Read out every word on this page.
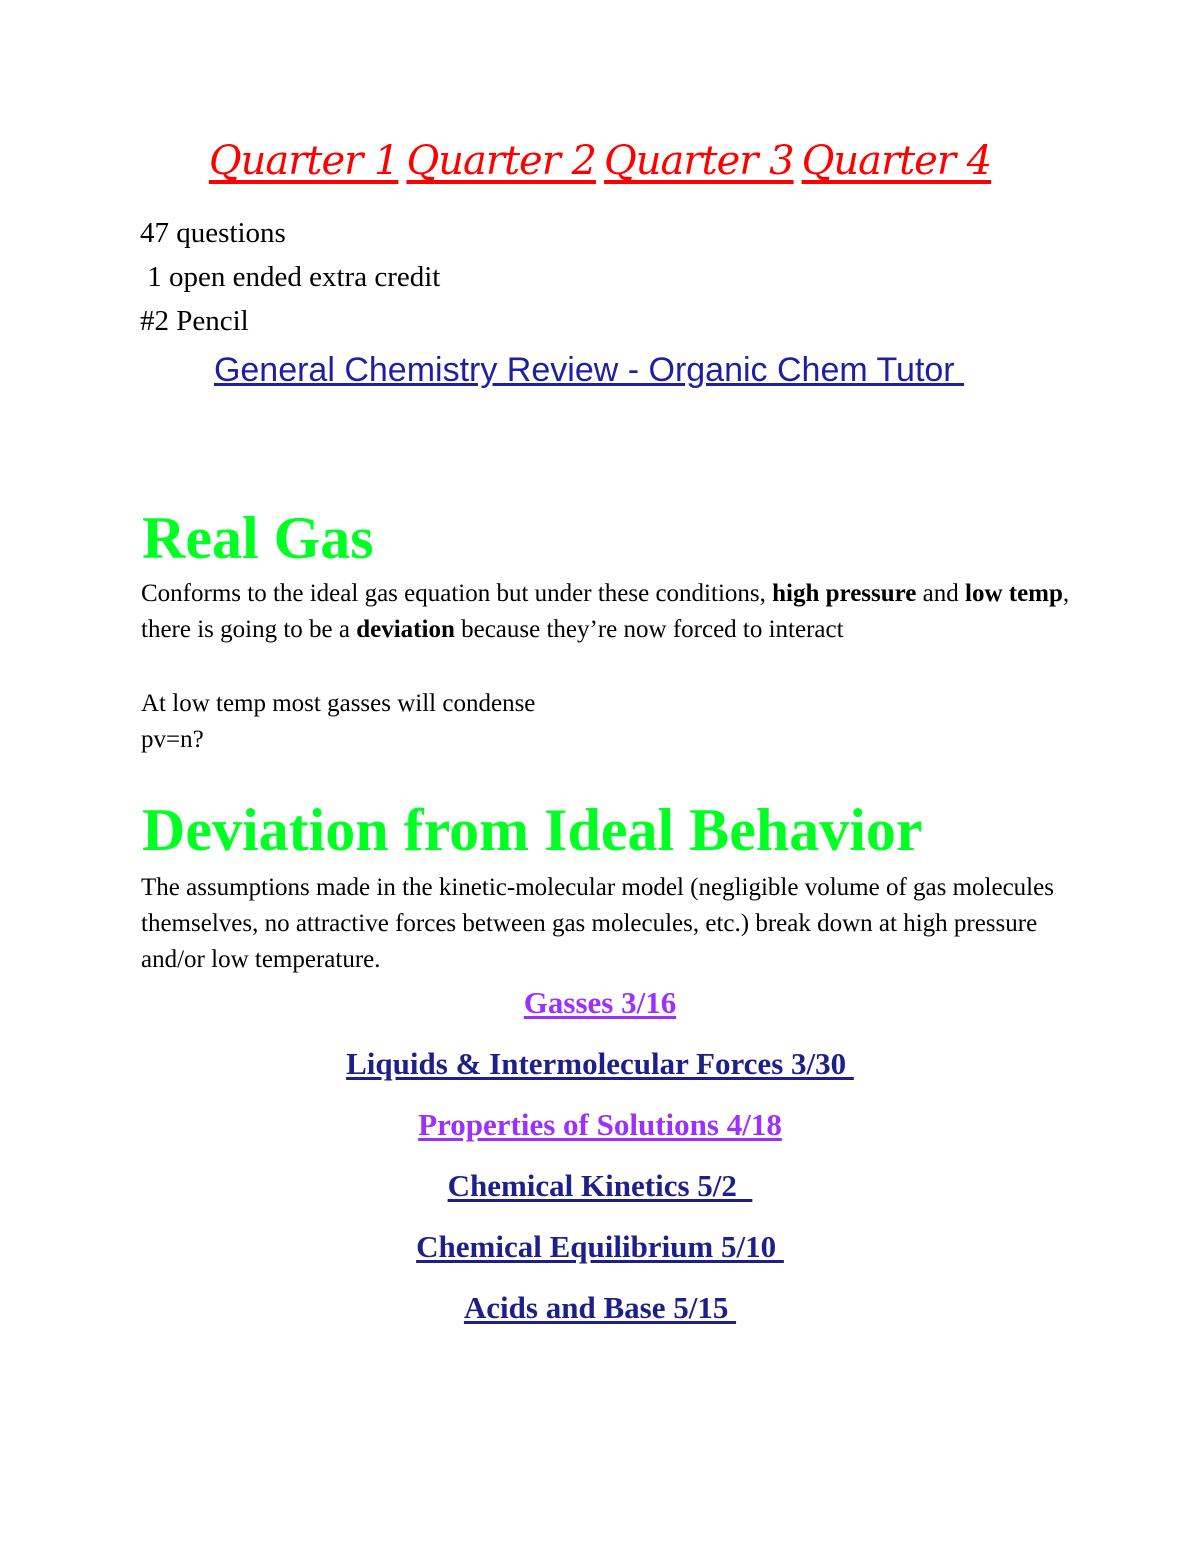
Quarter 1 Quarter 2 Quarter 3 Quarter 4
47 questions
1 open ended extra credit
#2 Pencil
General Chemistry Review - Organic Chem Tutor
Real Gas

Conforms to the ideal gas equation but under these conditions, high pressure and low temp, there is going to be a deviation because they’re now forced to interact

At low temp most gasses will condense

pv=n?

Deviation from Ideal Behavior

The assumptions made in the kinetic-molecular model (negligible volume of gas molecules themselves, no attractive forces between gas molecules, etc.) break down at high pressure and/or low temperature.

Gasses 3/16
Liquids & Intermolecular Forces 3/30
Properties of Solutions 4/18
Chemical Kinetics 5/2
Chemical Equilibrium 5/10
Acids and Base 5/15
